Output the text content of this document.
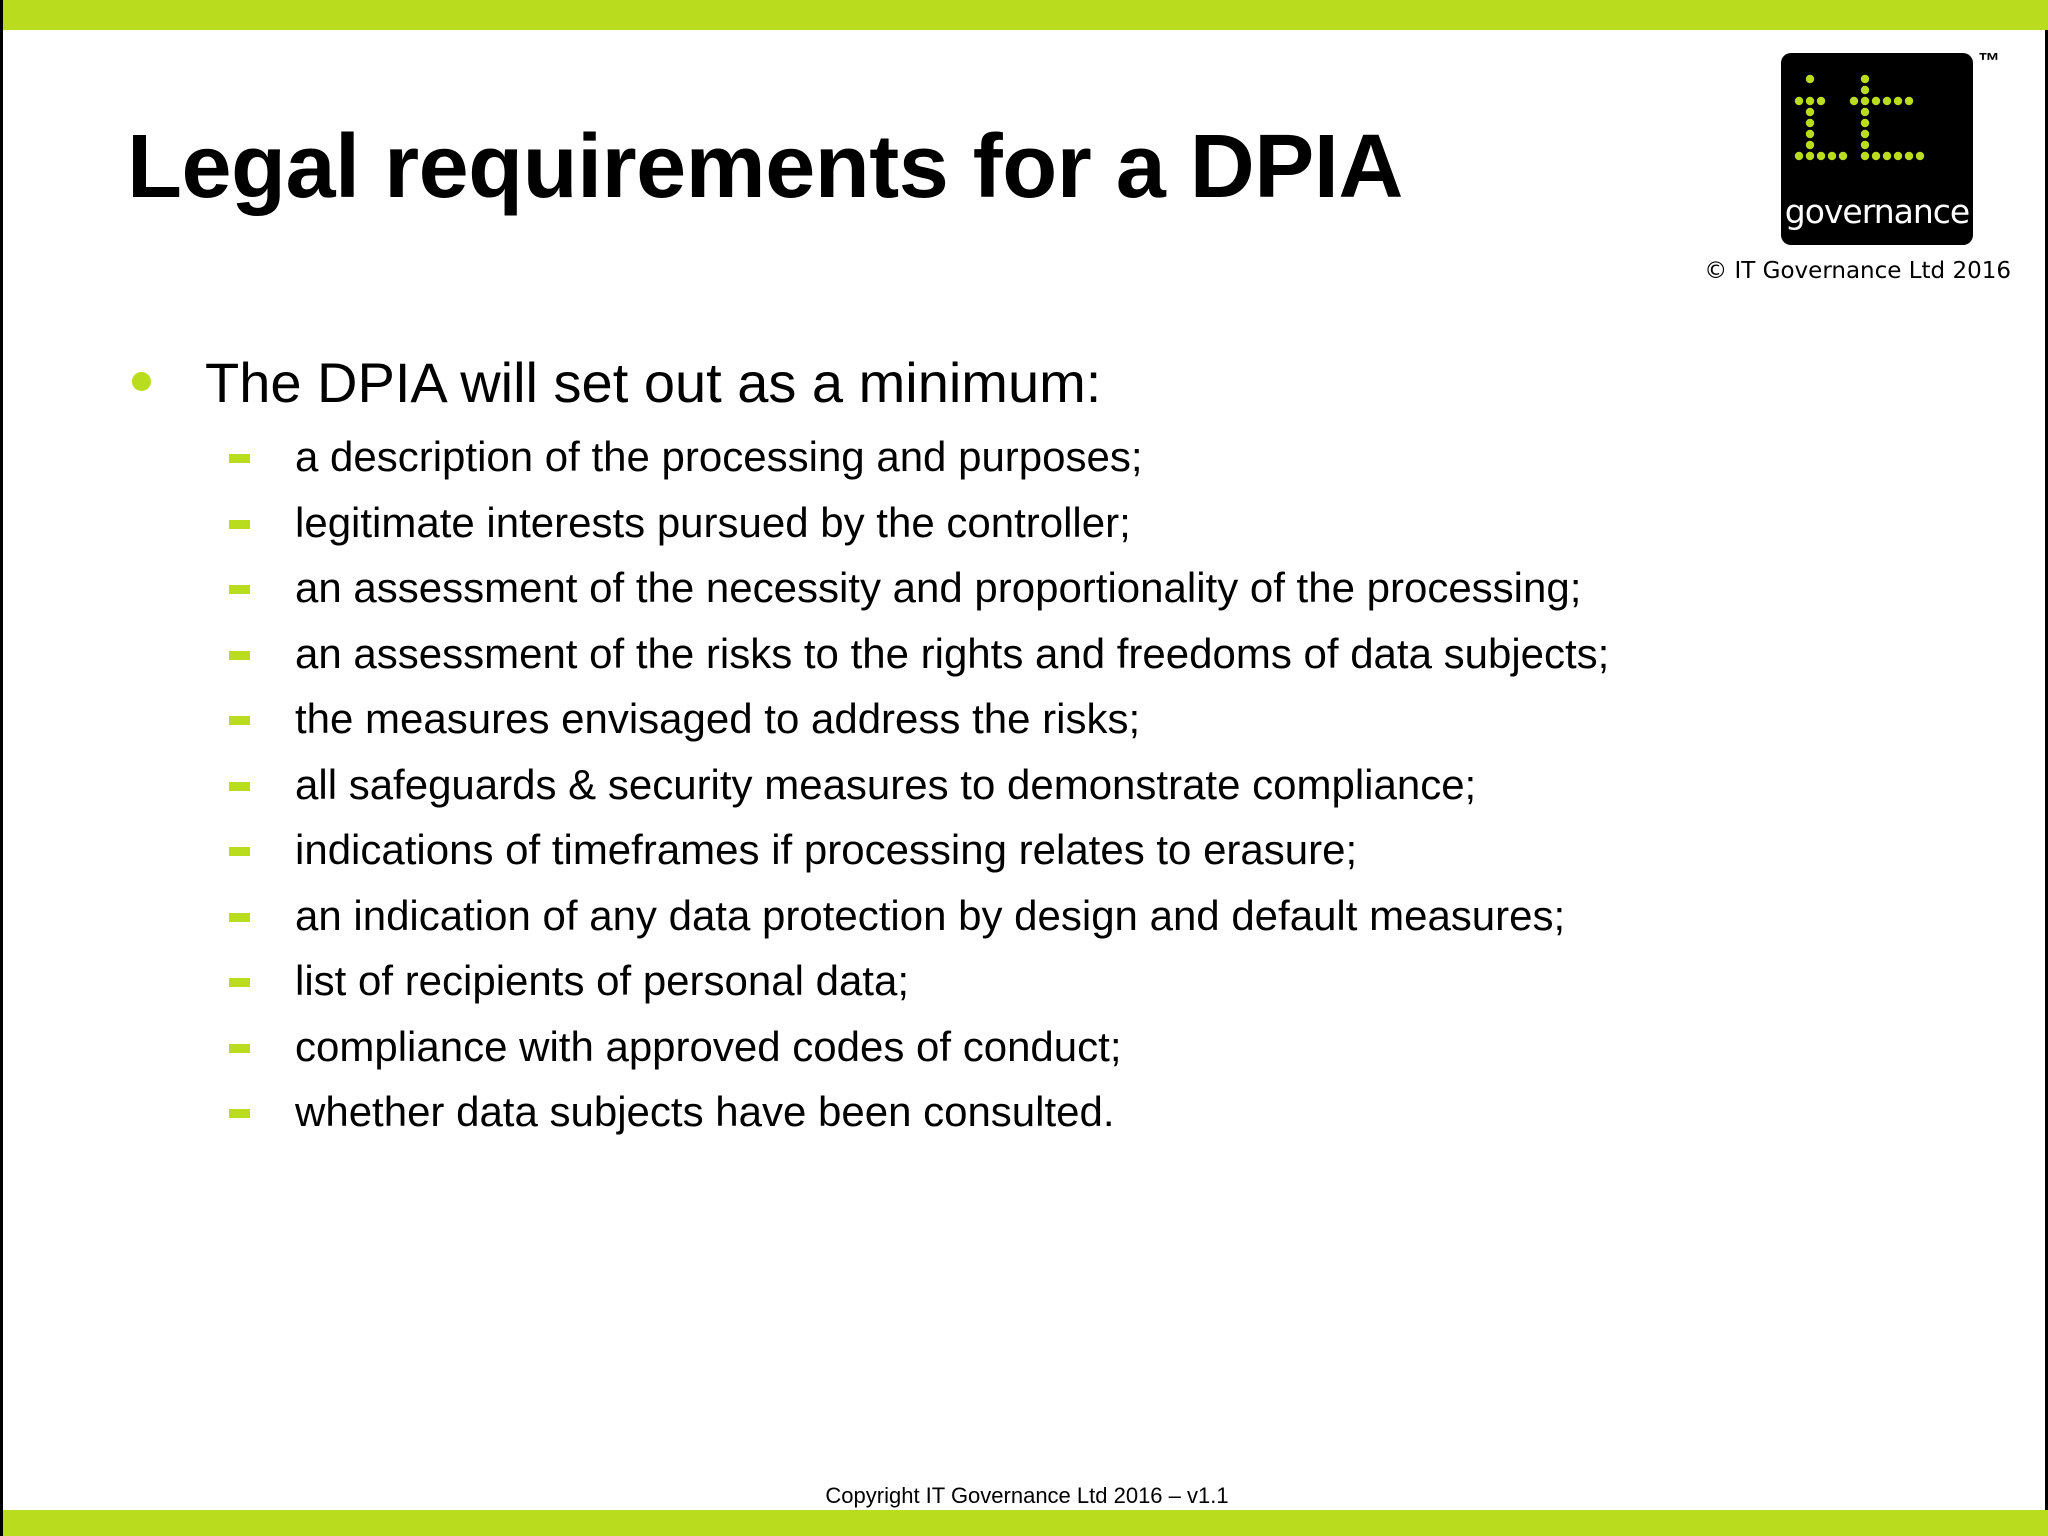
Legal requirements for a DPIA	governance
™
© IT Governance Ltd 2016
The DPIA will set out as a minimum:
a description of the processing and purposes;
legitimate interests pursued by the controller;
an assessment of the necessity and proportionality of the processing;
an assessment of the risks to the rights and freedoms of data subjects;
the measures envisaged to address the risks;
all safeguards & security measures to demonstrate compliance;
indications of timeframes if processing relates to erasure;
an indication of any data protection by design and default measures;
list of recipients of personal data;
compliance with approved codes of conduct;
whether data subjects have been consulted.
Copyright IT Governance Ltd 2016 – v1.1
